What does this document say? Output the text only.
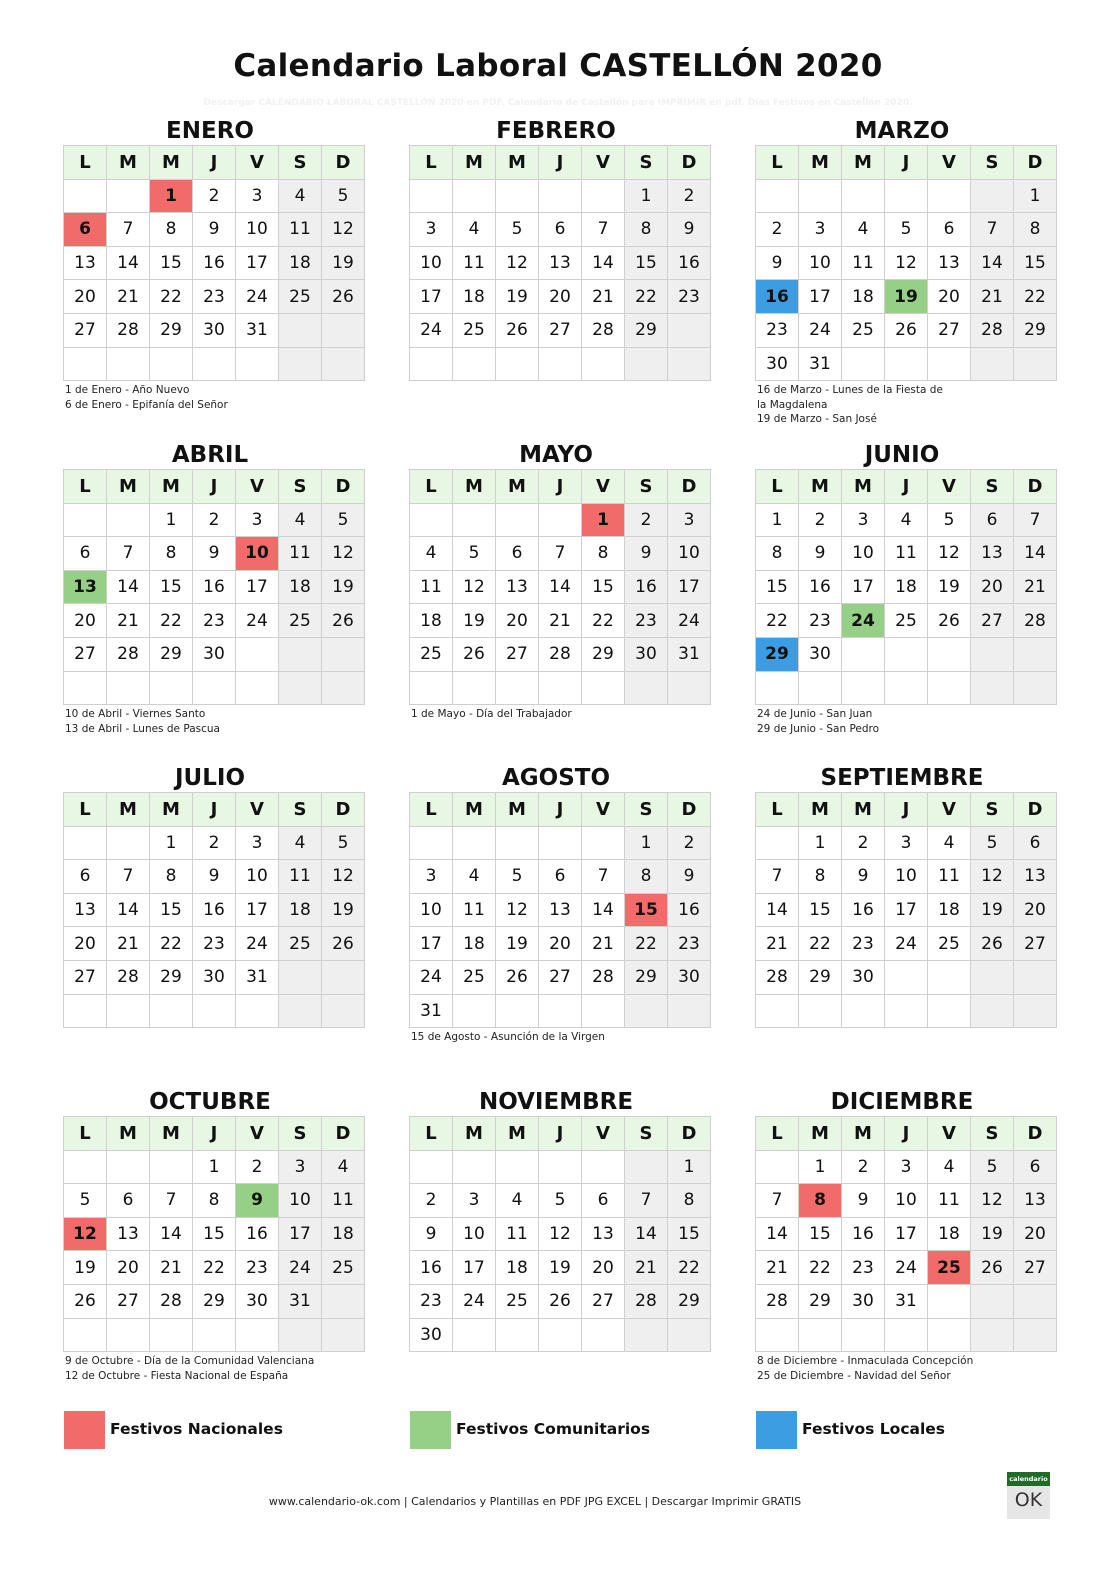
Calendario Laboral CASTELLÓN 2020
Descargar CALENDARIO LABORAL CASTELLÓN 2020 en PDF. Calendario de Castellón para IMPRIMIR en pdf. Días Festivos en Castellón 2020.
ENERO
L	M	M	J	V	S	D
		1	2	3	4	5
6	7	8	9	10	11	12
13	14	15	16	17	18	19
20	21	22	23	24	25	26
27	28	29	30	31		

1 de Enero - Año Nuevo
6 de Enero - Epifanía del Señor
FEBRERO
L	M	M	J	V	S	D
					1	2
3	4	5	6	7	8	9
10	11	12	13	14	15	16
17	18	19	20	21	22	23
24	25	26	27	28	29	

MARZO
L	M	M	J	V	S	D
						1
2	3	4	5	6	7	8
9	10	11	12	13	14	15
16	17	18	19	20	21	22
23	24	25	26	27	28	29
30	31					
16 de Marzo - Lunes de la Fiesta de
la Magdalena
19 de Marzo - San José
ABRIL
L	M	M	J	V	S	D
		1	2	3	4	5
6	7	8	9	10	11	12
13	14	15	16	17	18	19
20	21	22	23	24	25	26
27	28	29	30			

10 de Abril - Viernes Santo
13 de Abril - Lunes de Pascua
MAYO
L	M	M	J	V	S	D
				1	2	3
4	5	6	7	8	9	10
11	12	13	14	15	16	17
18	19	20	21	22	23	24
25	26	27	28	29	30	31

1 de Mayo - Día del Trabajador
JUNIO
L	M	M	J	V	S	D
1	2	3	4	5	6	7
8	9	10	11	12	13	14
15	16	17	18	19	20	21
22	23	24	25	26	27	28
29	30					

24 de Junio - San Juan
29 de Junio - San Pedro
JULIO
L	M	M	J	V	S	D
		1	2	3	4	5
6	7	8	9	10	11	12
13	14	15	16	17	18	19
20	21	22	23	24	25	26
27	28	29	30	31		

AGOSTO
L	M	M	J	V	S	D
					1	2
3	4	5	6	7	8	9
10	11	12	13	14	15	16
17	18	19	20	21	22	23
24	25	26	27	28	29	30
31						
15 de Agosto - Asunción de la Virgen
SEPTIEMBRE
L	M	M	J	V	S	D
	1	2	3	4	5	6
7	8	9	10	11	12	13
14	15	16	17	18	19	20
21	22	23	24	25	26	27
28	29	30				

OCTUBRE
L	M	M	J	V	S	D
			1	2	3	4
5	6	7	8	9	10	11
12	13	14	15	16	17	18
19	20	21	22	23	24	25
26	27	28	29	30	31	

9 de Octubre - Día de la Comunidad Valenciana
12 de Octubre - Fiesta Nacional de España
NOVIEMBRE
L	M	M	J	V	S	D
						1
2	3	4	5	6	7	8
9	10	11	12	13	14	15
16	17	18	19	20	21	22
23	24	25	26	27	28	29
30						
DICIEMBRE
L	M	M	J	V	S	D
	1	2	3	4	5	6
7	8	9	10	11	12	13
14	15	16	17	18	19	20
21	22	23	24	25	26	27
28	29	30	31			

8 de Diciembre - Inmaculada Concepción
25 de Diciembre - Navidad del Señor
Festivos Nacionales	Festivos Comunitarios	Festivos Locales
www.calendario-ok.com | Calendarios y Plantillas en PDF JPG EXCEL | Descargar Imprimir GRATIS
calendario
OK
